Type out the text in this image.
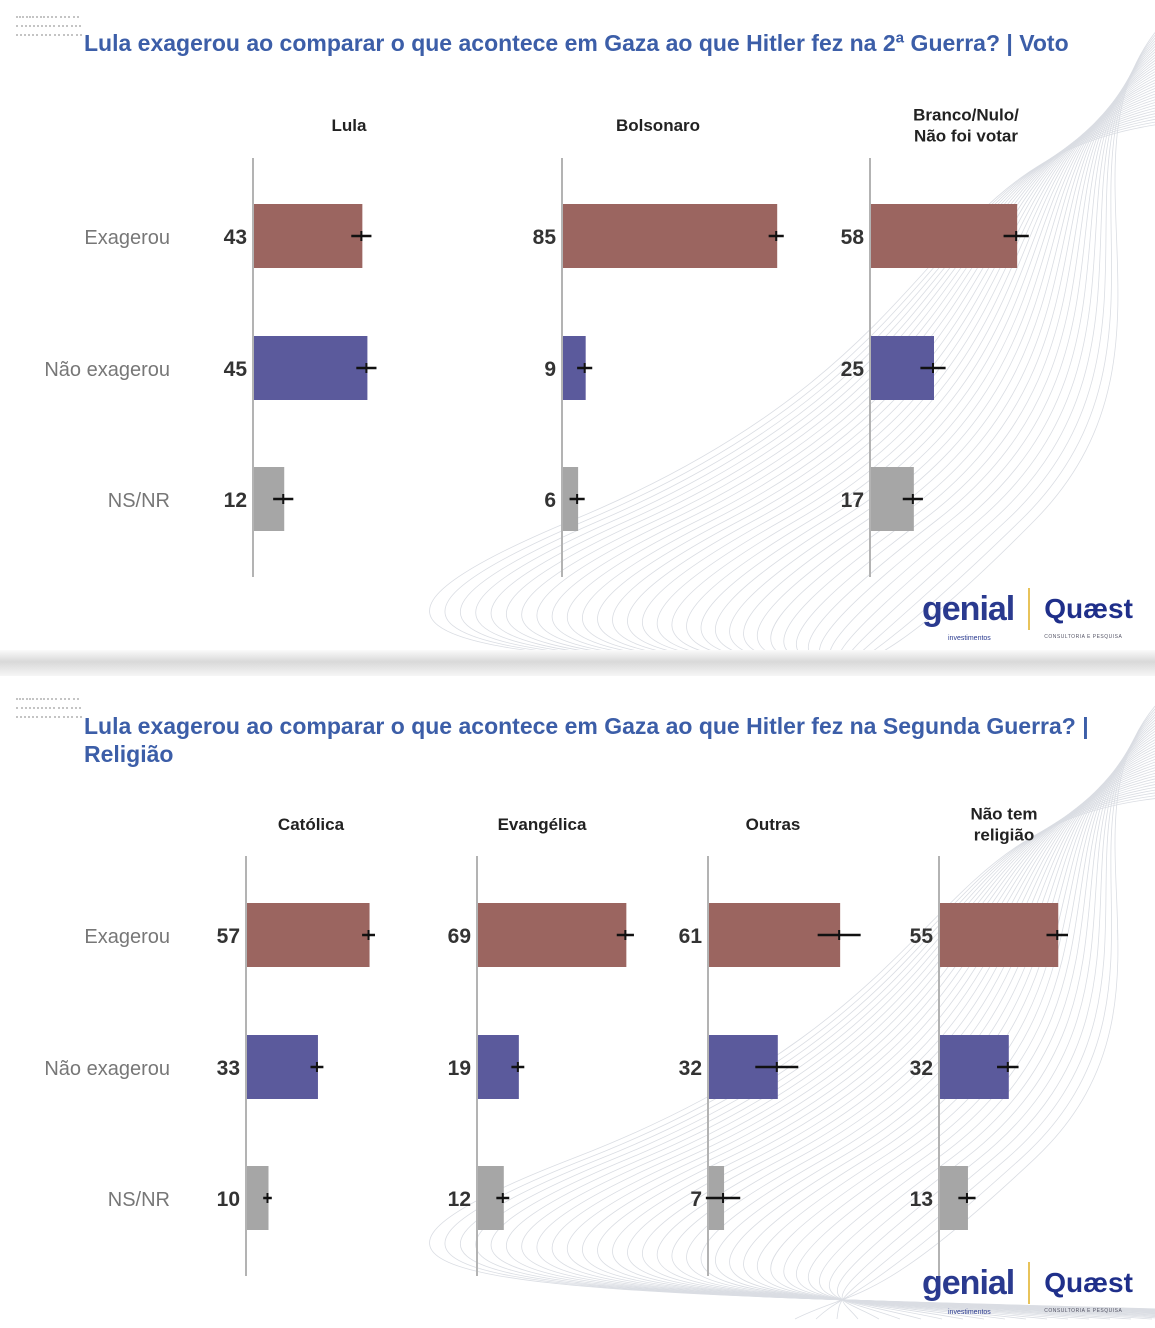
Lula exagerou ao comparar o que acontece em Gaza ao que Hitler fez na 2ª Guerra? | Voto
Exagerou
Não exagerou
NS/NR
Lula
43
45
12
Bolsonaro
85
9
6
Branco/Nulo/
Não foi votar
58
25
17
genial
investimentos
Quæst
CONSULTORIA E PESQUISA
Lula exagerou ao comparar o que acontece em Gaza ao que Hitler fez na Segunda Guerra? | Religião
Exagerou
Não exagerou
NS/NR
Católica
57
33
10
Evangélica
69
19
12
Outras
61
32
7
Não tem
religião
55
32
13
genial
investimentos
Quæst
CONSULTORIA E PESQUISA
